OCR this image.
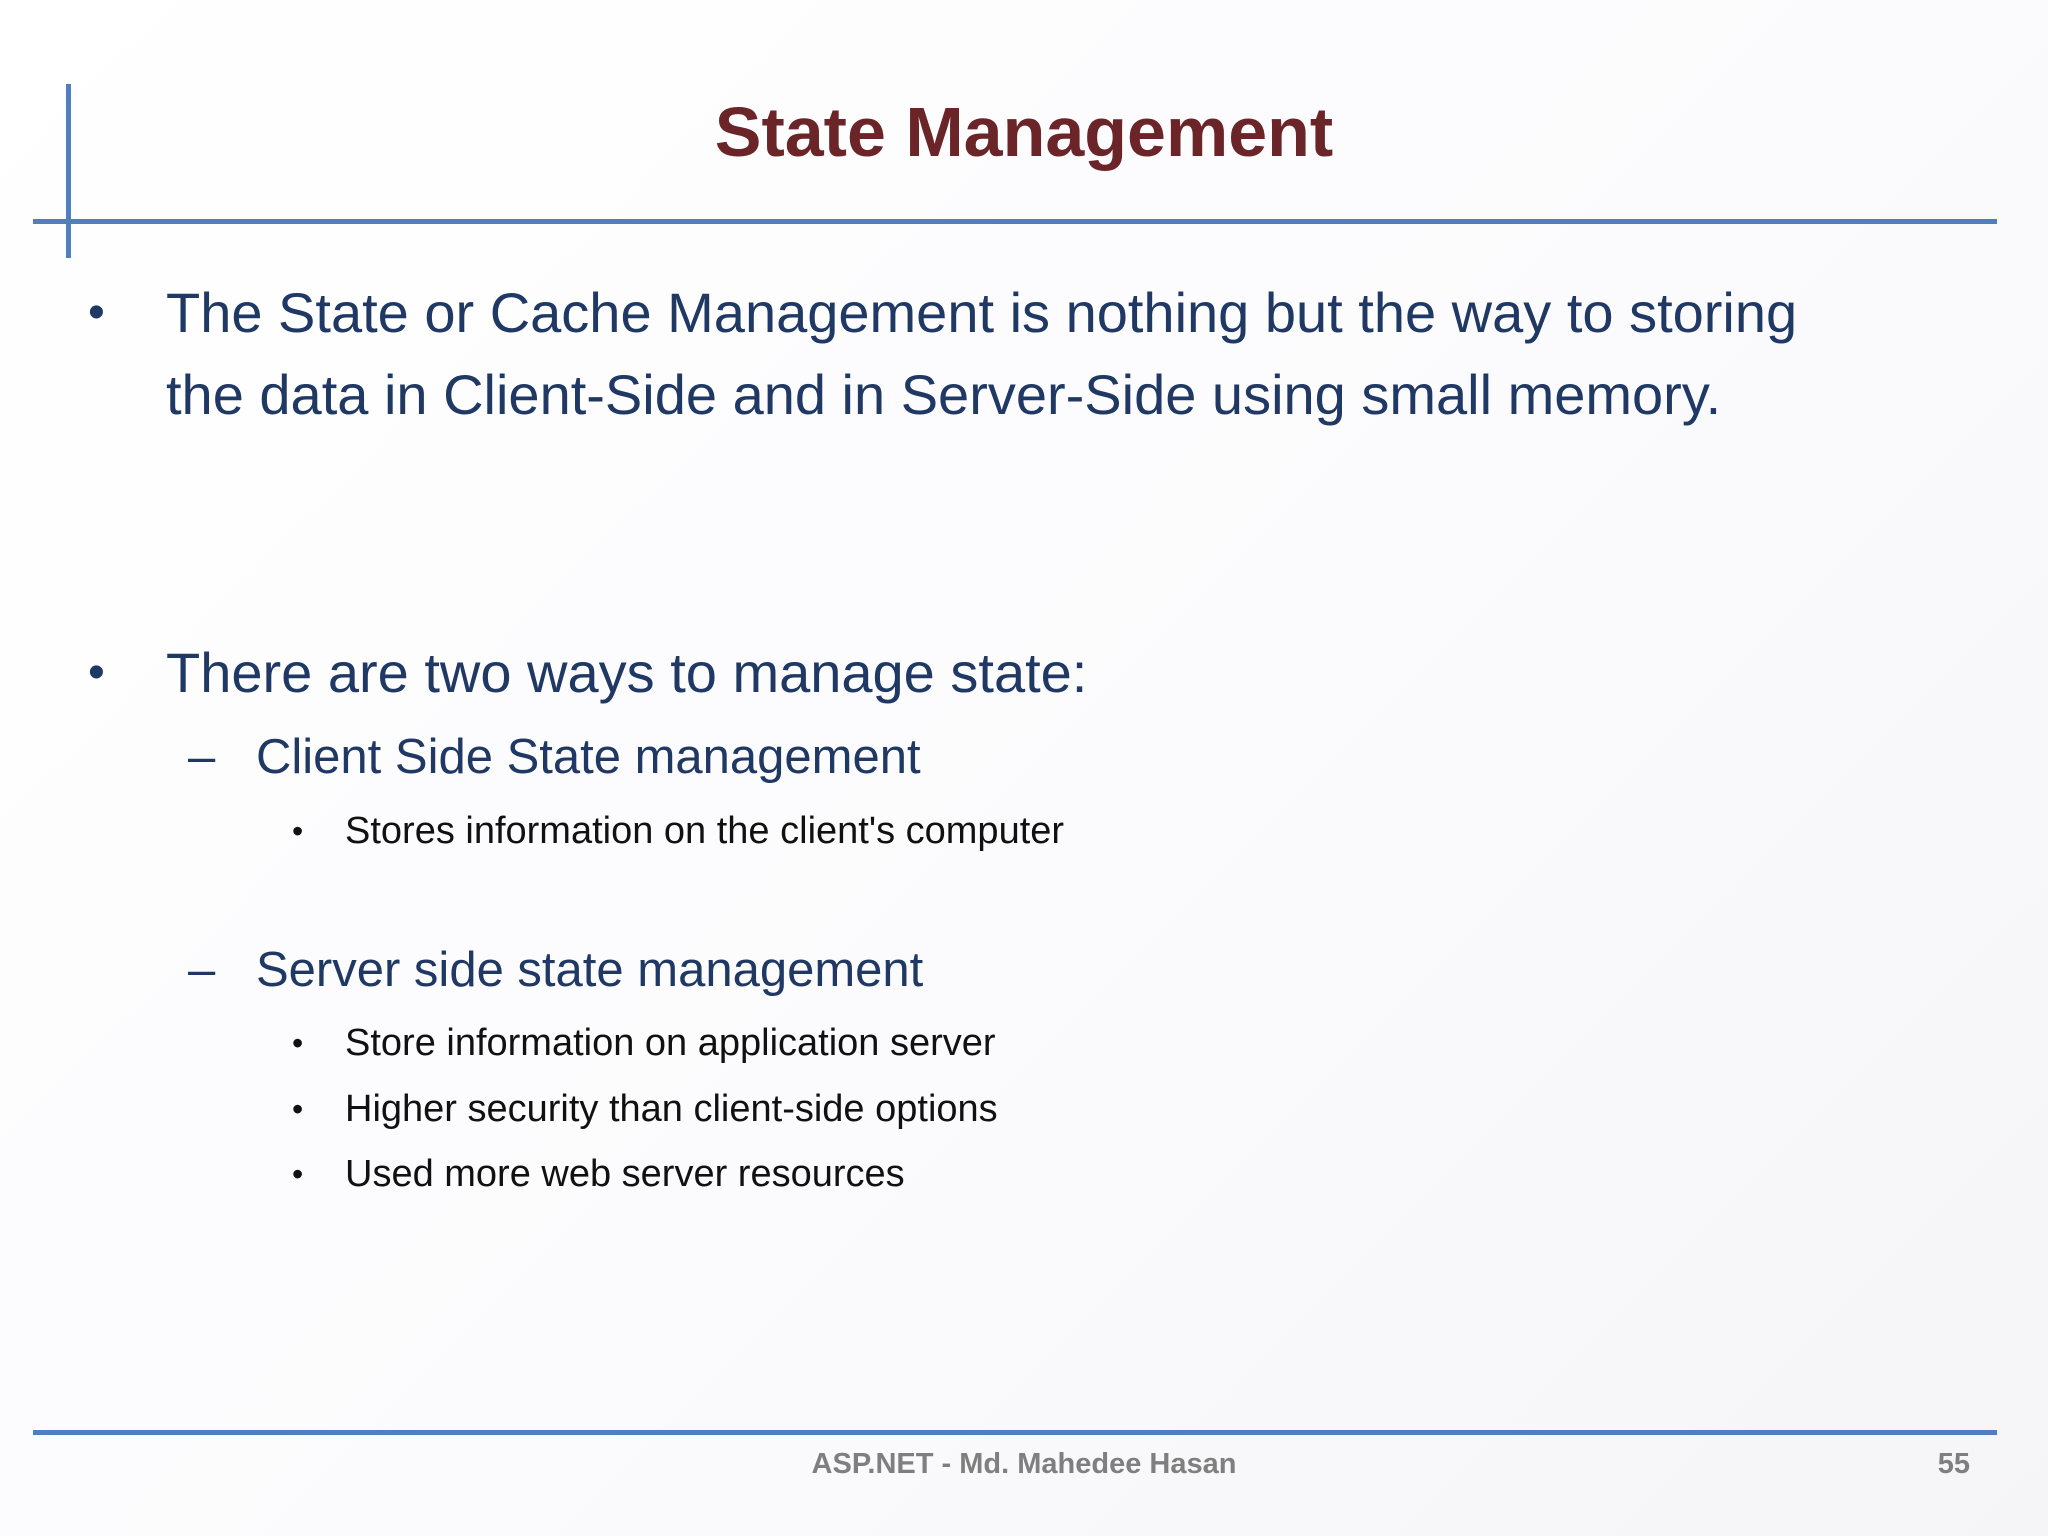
State Management
• The State or Cache Management is nothing but the way to storing the data in Client-Side and in Server-Side using small memory.
• There are two ways to manage state:
– Client Side State management
• Stores information on the client's computer
– Server side state management
• Store information on application server
• Higher security than client-side options
• Used more web server resources
ASP.NET - Md. Mahedee Hasan	55
